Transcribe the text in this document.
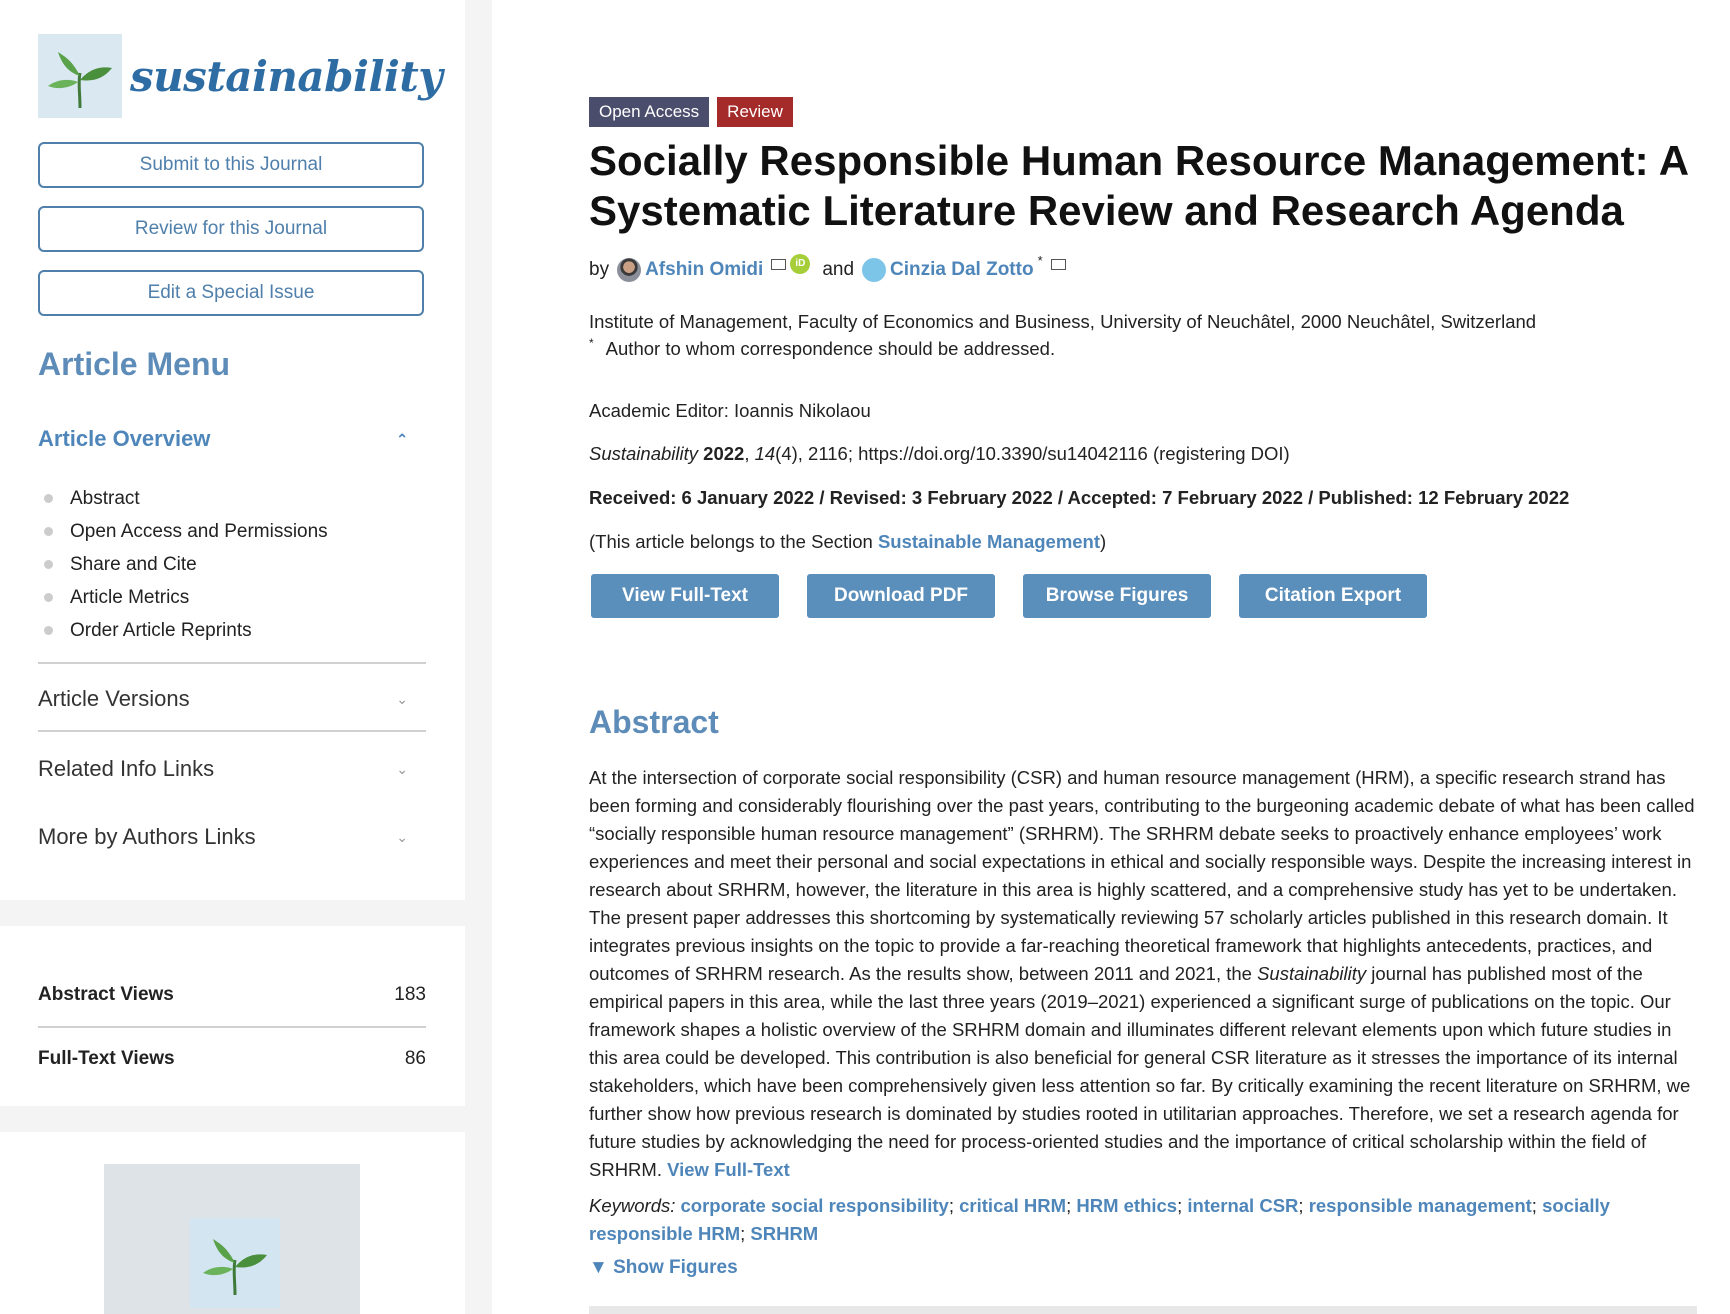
sustainability
Submit to this Journal
Review for this Journal
Edit a Special Issue
Article Menu
Article Overview	⌃
Abstract
Open Access and Permissions
Share and Cite
Article Metrics
Order Article Reprints
Article Versions	⌄
Related Info Links	⌄
More by Authors Links	⌄
Abstract Views	183
Full-Text Views	86
Open Access	Review
Socially Responsible Human Resource Management: A Systematic Literature Review and Research Agenda
by Afshin Omidi	iD and Cinzia Dal Zotto *
Institute of Management, Faculty of Economics and Business, University of Neuchâtel, 2000 Neuchâtel, Switzerland
* Author to whom correspondence should be addressed.
Academic Editor: Ioannis Nikolaou
Sustainability 2022, 14(4), 2116; https://doi.org/10.3390/su14042116 (registering DOI)
Received: 6 January 2022 / Revised: 3 February 2022 / Accepted: 7 February 2022 / Published: 12 February 2022
(This article belongs to the Section Sustainable Management)
View Full-Text	Download PDF	Browse Figures	Citation Export
Abstract
At the intersection of corporate social responsibility (CSR) and human resource management (HRM), a specific research strand has been forming and considerably flourishing over the past years, contributing to the burgeoning academic debate of what has been called “socially responsible human resource management” (SRHRM). The SRHRM debate seeks to proactively enhance employees’ work experiences and meet their personal and social expectations in ethical and socially responsible ways. Despite the increasing interest in research about SRHRM, however, the literature in this area is highly scattered, and a comprehensive study has yet to be undertaken. The present paper addresses this shortcoming by systematically reviewing 57 scholarly articles published in this research domain. It integrates previous insights on the topic to provide a far-reaching theoretical framework that highlights antecedents, practices, and outcomes of SRHRM research. As the results show, between 2011 and 2021, the Sustainability journal has published most of the empirical papers in this area, while the last three years (2019–2021) experienced a significant surge of publications on the topic. Our framework shapes a holistic overview of the SRHRM domain and illuminates different relevant elements upon which future studies in this area could be developed. This contribution is also beneficial for general CSR literature as it stresses the importance of its internal stakeholders, which have been comprehensively given less attention so far. By critically examining the recent literature on SRHRM, we further show how previous research is dominated by studies rooted in utilitarian approaches. Therefore, we set a research agenda for future studies by acknowledging the need for process-oriented studies and the importance of critical scholarship within the field of SRHRM. View Full-Text
Keywords: corporate social responsibility; critical HRM; HRM ethics; internal CSR; responsible management; socially responsible HRM; SRHRM
▼ Show Figures
